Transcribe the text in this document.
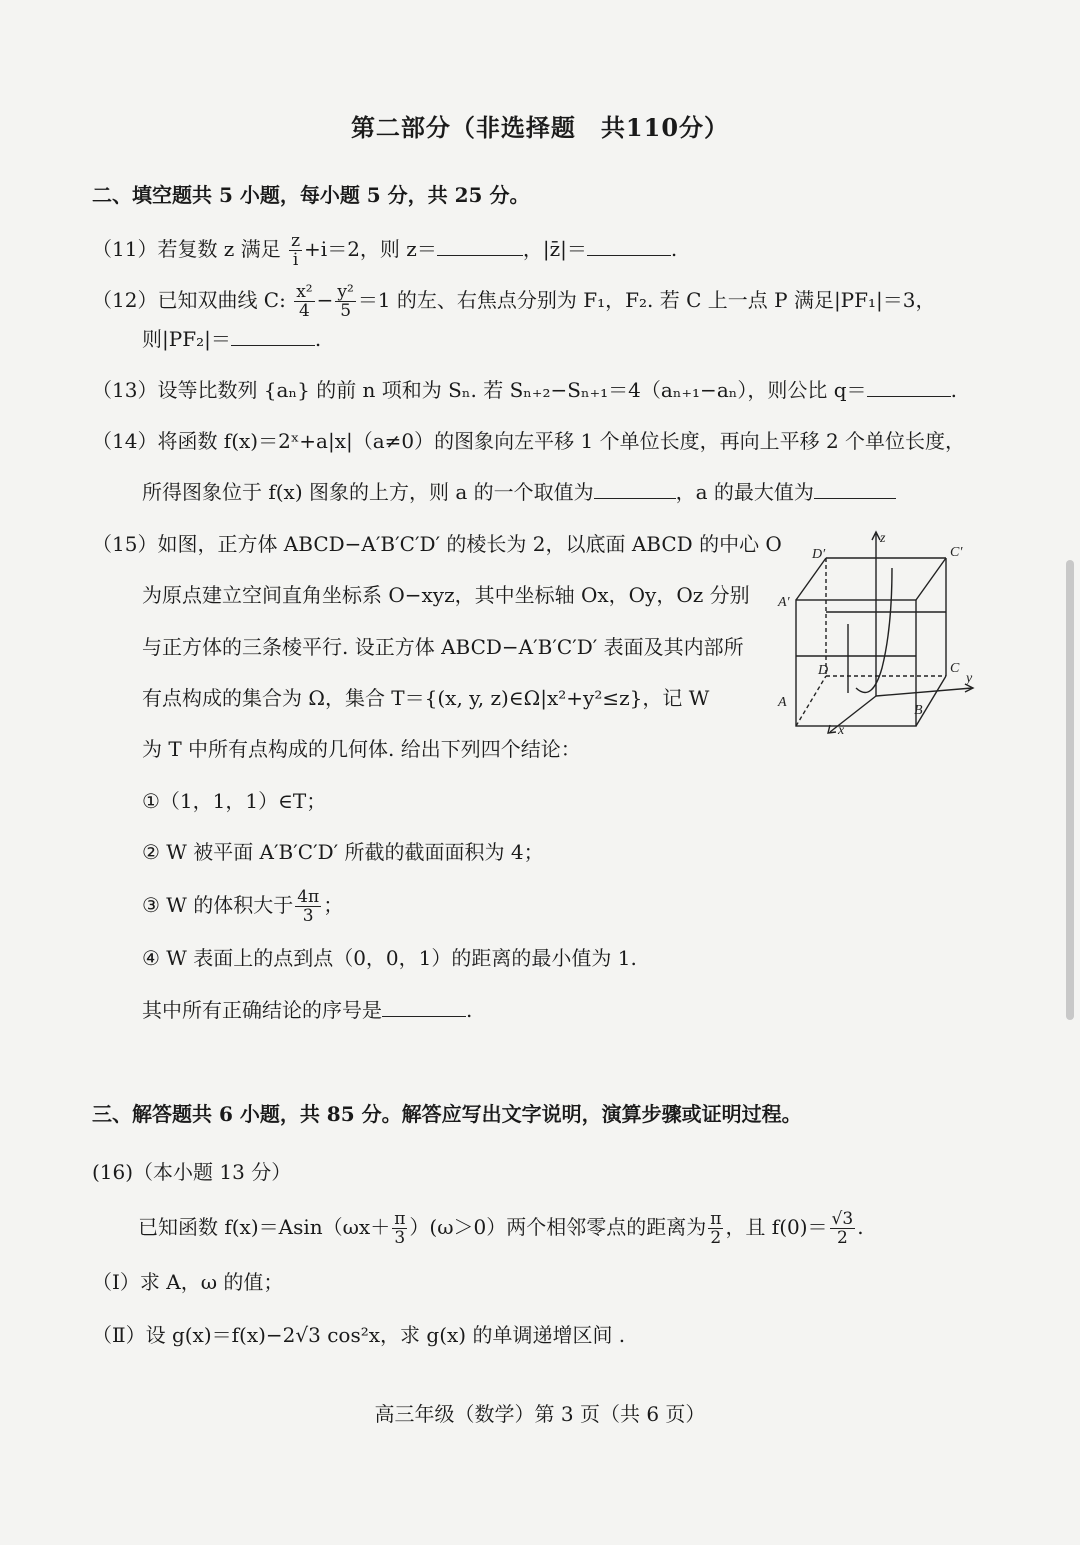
第二部分（非选择题　共110分）
二、填空题共 5 小题，每小题 5 分，共 25 分。
（11）若复数 z 满足 $\frac{z}{i} +i=2$，则 z＝	，|z̄|＝	.
（12）已知双曲线 C: $\frac{\text{x²}}{4} - \frac{\text{y²}}{5} =1$ 的左、右焦点分别为 F₁，F₂. 若 C 上一点 P 满足|PF₁|＝3，
则|PF₂|＝	.
（13）设等比数列 {aₙ} 的前 n 项和为 Sₙ. 若 Sₙ₊₂−Sₙ₊₁＝4（aₙ₊₁−aₙ），则公比 q＝	.
（14）将函数 f(x)＝2ˣ+a|x|（a≠0）的图象向左平移 1 个单位长度，再向上平移 2 个单位长度，
所得图象位于 f(x) 图象的上方，则 a 的一个取值为	，a 的最大值为
（15）如图，正方体 ABCD−A′B′C′D′ 的棱长为 2，以底面 ABCD 的中心 O
为原点建立空间直角坐标系 O−xyz，其中坐标轴 Ox，Oy，Oz 分别
与正方体的三条棱平行. 设正方体 ABCD−A′B′C′D′ 表面及其内部所
有点构成的集合为 Ω，集合 T＝{(x, y, z)∈Ω|x²+y²≤z}，记 W
为 T 中所有点构成的几何体. 给出下列四个结论：
①（1，1，1）∈T；
② W 被平面 A′B′C′D′ 所截的截面面积为 4；
③ W 的体积大于 $\frac{4\pi}{3}$ ；
④ W 表面上的点到点（0，0，1）的距离的最小值为 1.
其中所有正确结论的序号是	.
D′	C′
A′
D	C
A
B
z
y
x
三、解答题共 6 小题，共 85 分。解答应写出文字说明，演算步骤或证明过程。
(16)（本小题 13 分）
已知函数 $f(x)=Asin(\omega x+ \frac{\pi}{3} )(\omega>0)$两个相邻零点的距离为 $\frac{\pi}{2}$ ，且 $f(0)= \frac{√3}{2}$ .
（Ⅰ）求 A，ω 的值；
（Ⅱ）设 g(x)＝f(x)−2√3 cos²x，求 g(x) 的单调递增区间 .
高三年级（数学）第 3 页（共 6 页）
